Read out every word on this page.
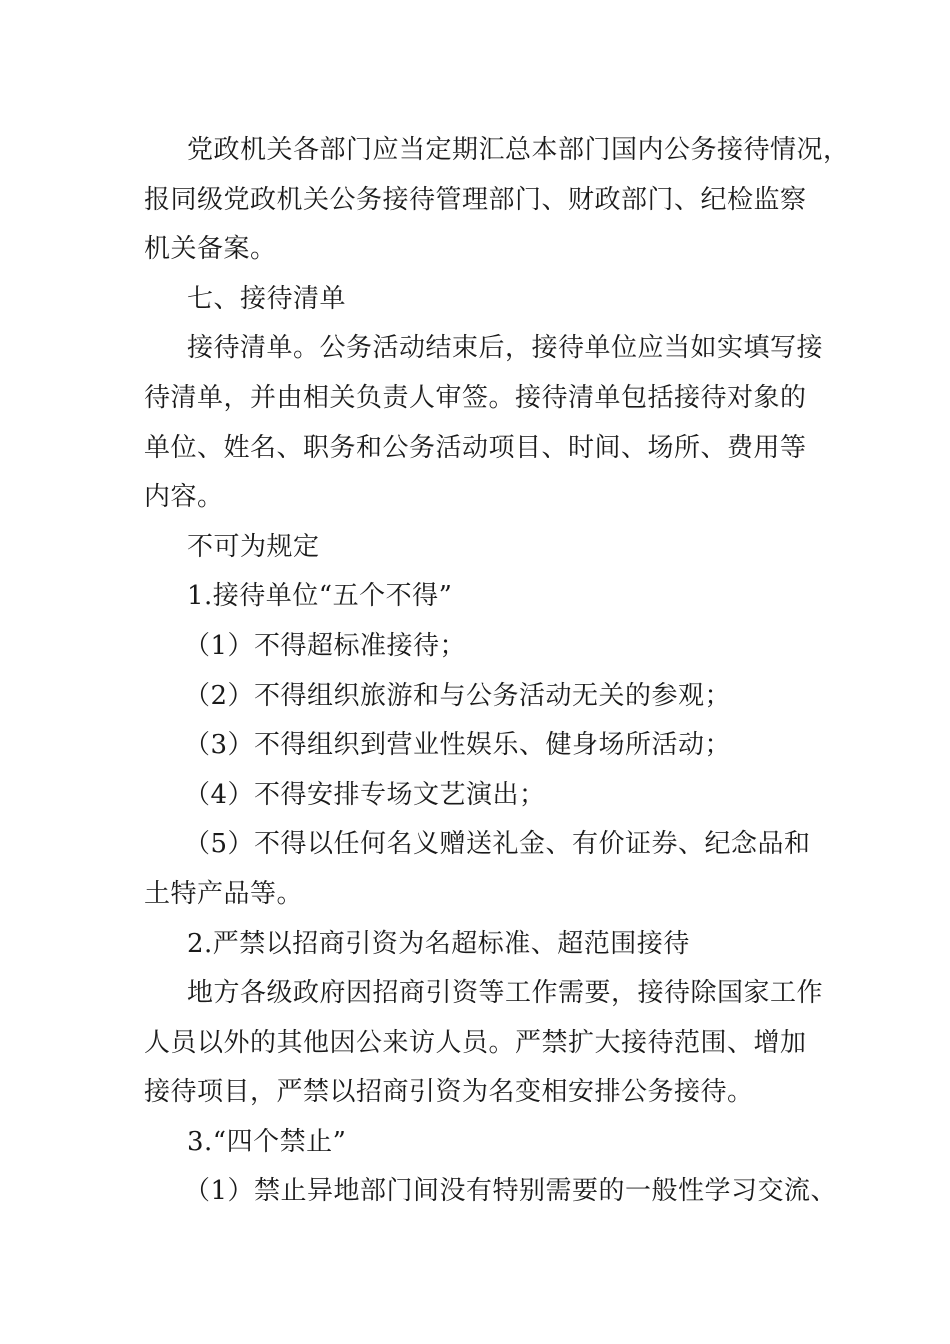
党政机关各部门应当定期汇总本部门国内公务接待情况，
报同级党政机关公务接待管理部门、财政部门、纪检监察
机关备案。
七、接待清单
接待清单。公务活动结束后，接待单位应当如实填写接
待清单，并由相关负责人审签。接待清单包括接待对象的
单位、姓名、职务和公务活动项目、时间、场所、费用等
内容。
不可为规定
1.接待单位“五个不得”
（1）不得超标准接待；
（2）不得组织旅游和与公务活动无关的参观；
（3）不得组织到营业性娱乐、健身场所活动；
（4）不得安排专场文艺演出；
（5）不得以任何名义赠送礼金、有价证券、纪念品和
土特产品等。
2.严禁以招商引资为名超标准、超范围接待
地方各级政府因招商引资等工作需要，接待除国家工作
人员以外的其他因公来访人员。严禁扩大接待范围、增加
接待项目，严禁以招商引资为名变相安排公务接待。
3.“四个禁止”
（1）禁止异地部门间没有特别需要的一般性学习交流、
